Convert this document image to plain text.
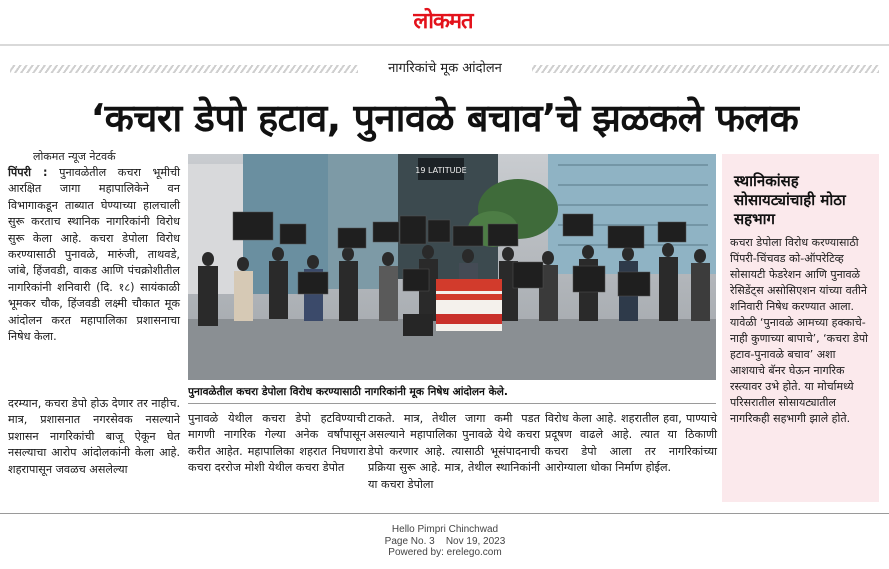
लोकमत
नागरिकांचे मूक आंदोलन
‘कचरा डेपो हटाव, पुनावळे बचाव’चे झळकले फलक
लोकमत न्यूज नेटवर्क
पिंपरी : पुनावळेतील कचरा भूमीची आरक्षित जागा महापालिकेने वन विभागाकडून ताब्यात घेण्याच्या हालचाली सुरू करताच स्थानिक नागरिकांनी विरोध सुरू केला आहे. कचरा डेपोला विरोध करण्यासाठी पुनावळे, मारुंजी, ताथवडे, जांबे, हिंजवडी, वाकड आणि पंचक्रोशीतील नागरिकांनी शनिवारी (दि. १८) सायंकाळी भूमकर चौक, हिंजवडी लक्ष्मी चौकात मूक आंदोलन करत महापालिका प्रशासनाचा निषेध केला.
दरम्यान, कचरा डेपो होऊ देणार तर नाहीच. मात्र, प्रशासनात नगरसेवक नसल्याने प्रशासन नागरिकांची बाजू ऐकून घेत नसल्याचा आरोप आंदोलकांनी केला आहे. शहरापासून जवळच असलेल्या
19 LATITUDE
पुनावळेतील कचरा डेपोला विरोध करण्यासाठी नागरिकांनी मूक निषेध आंदोलन केले.
पुनावळे येथील कचरा डेपो हटविण्याची मागणी नागरिक गेल्या अनेक वर्षांपासून करीत आहेत. महापालिका शहरात निघणारा कचरा दररोज मोशी येथील कचरा डेपोत
टाकते. मात्र, तेथील जागा कमी पडत असल्याने महापालिका पुनावळे येथे कचरा डेपो करणार आहे. त्यासाठी भूसंपादनाची प्रक्रिया सुरू आहे. मात्र, तेथील स्थानिकांनी या कचरा डेपोला
विरोध केला आहे. शहरातील हवा, पाण्याचे प्रदूषण वाढले आहे. त्यात या ठिकाणी कचरा डेपो आला तर नागरिकांच्या आरोग्याला धोका निर्माण होईल.
स्थानिकांसह सोसायट्यांचाही मोठा सहभाग
कचरा डेपोला विरोध करण्यासाठी पिंपरी-चिंचवड को-ऑपरेटिव्ह सोसायटी फेडरेशन आणि पुनावळे रेसिडेंट्स असोसिएशन यांच्या वतीने शनिवारी निषेध करण्यात आला. यावेळी ‘पुनावळे आमच्या हक्काचे-नाही कुणाच्या बापाचे’, ‘कचरा डेपो हटाव-पुनावळे बचाव’ अशा आशयाचे बॅनर घेऊन नागरिक रस्त्यावर उभे होते. या मोर्चामध्ये परिसरातील सोसायट्यातील नागरिकही सहभागी झाले होते.
Hello Pimpri Chinchwad
Page No. 3    Nov 19, 2023
Powered by: erelego.com
